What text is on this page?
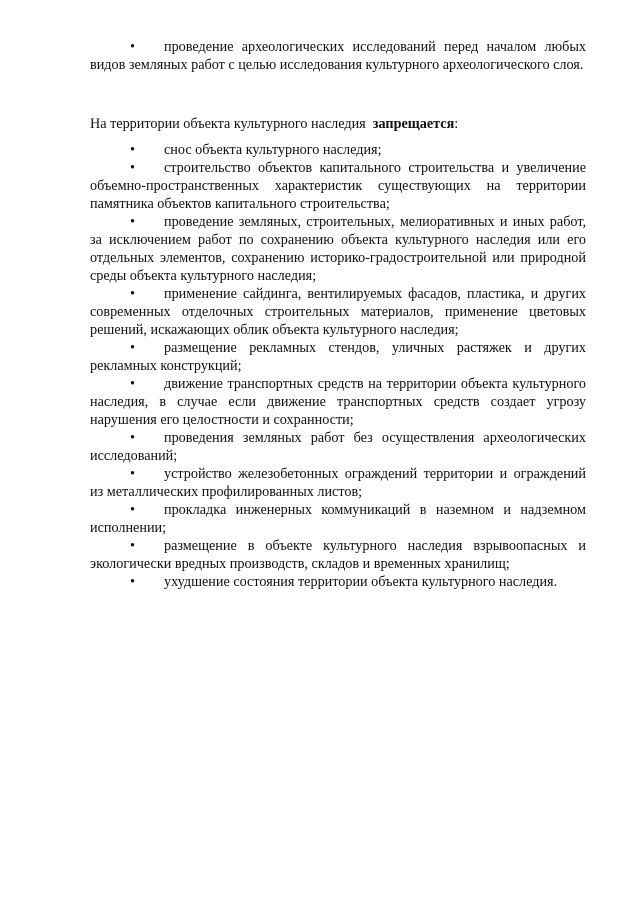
• проведение археологических исследований перед началом любых видов земляных работ с целью исследования культурного археологического слоя.

На территории объекта культурного наследия запрещается:

• снос объекта культурного наследия;

• строительство объектов капитального строительства и увеличение объемно-пространственных характеристик существующих на территории памятника объектов капитального строительства;

• проведение земляных, строительных, мелиоративных и иных работ, за исключением работ по сохранению объекта культурного наследия или его отдельных элементов, сохранению историко-градостроительной или природной среды объекта культурного наследия;

• применение сайдинга, вентилируемых фасадов, пластика, и других современных отделочных строительных материалов, применение цветовых решений, искажающих облик объекта культурного наследия;

• размещение рекламных стендов, уличных растяжек и других рекламных конструкций;

• движение транспортных средств на территории объекта культурного наследия, в случае если движение транспортных средств создает угрозу нарушения его целостности и сохранности;

• проведения земляных работ без осуществления археологических исследований;

• устройство железобетонных ограждений территории и ограждений из металлических профилированных листов;

• прокладка инженерных коммуникаций в наземном и надземном исполнении;

• размещение в объекте культурного наследия взрывоопасных и экологически вредных производств, складов и временных хранилищ;

• ухудшение состояния территории объекта культурного наследия.
